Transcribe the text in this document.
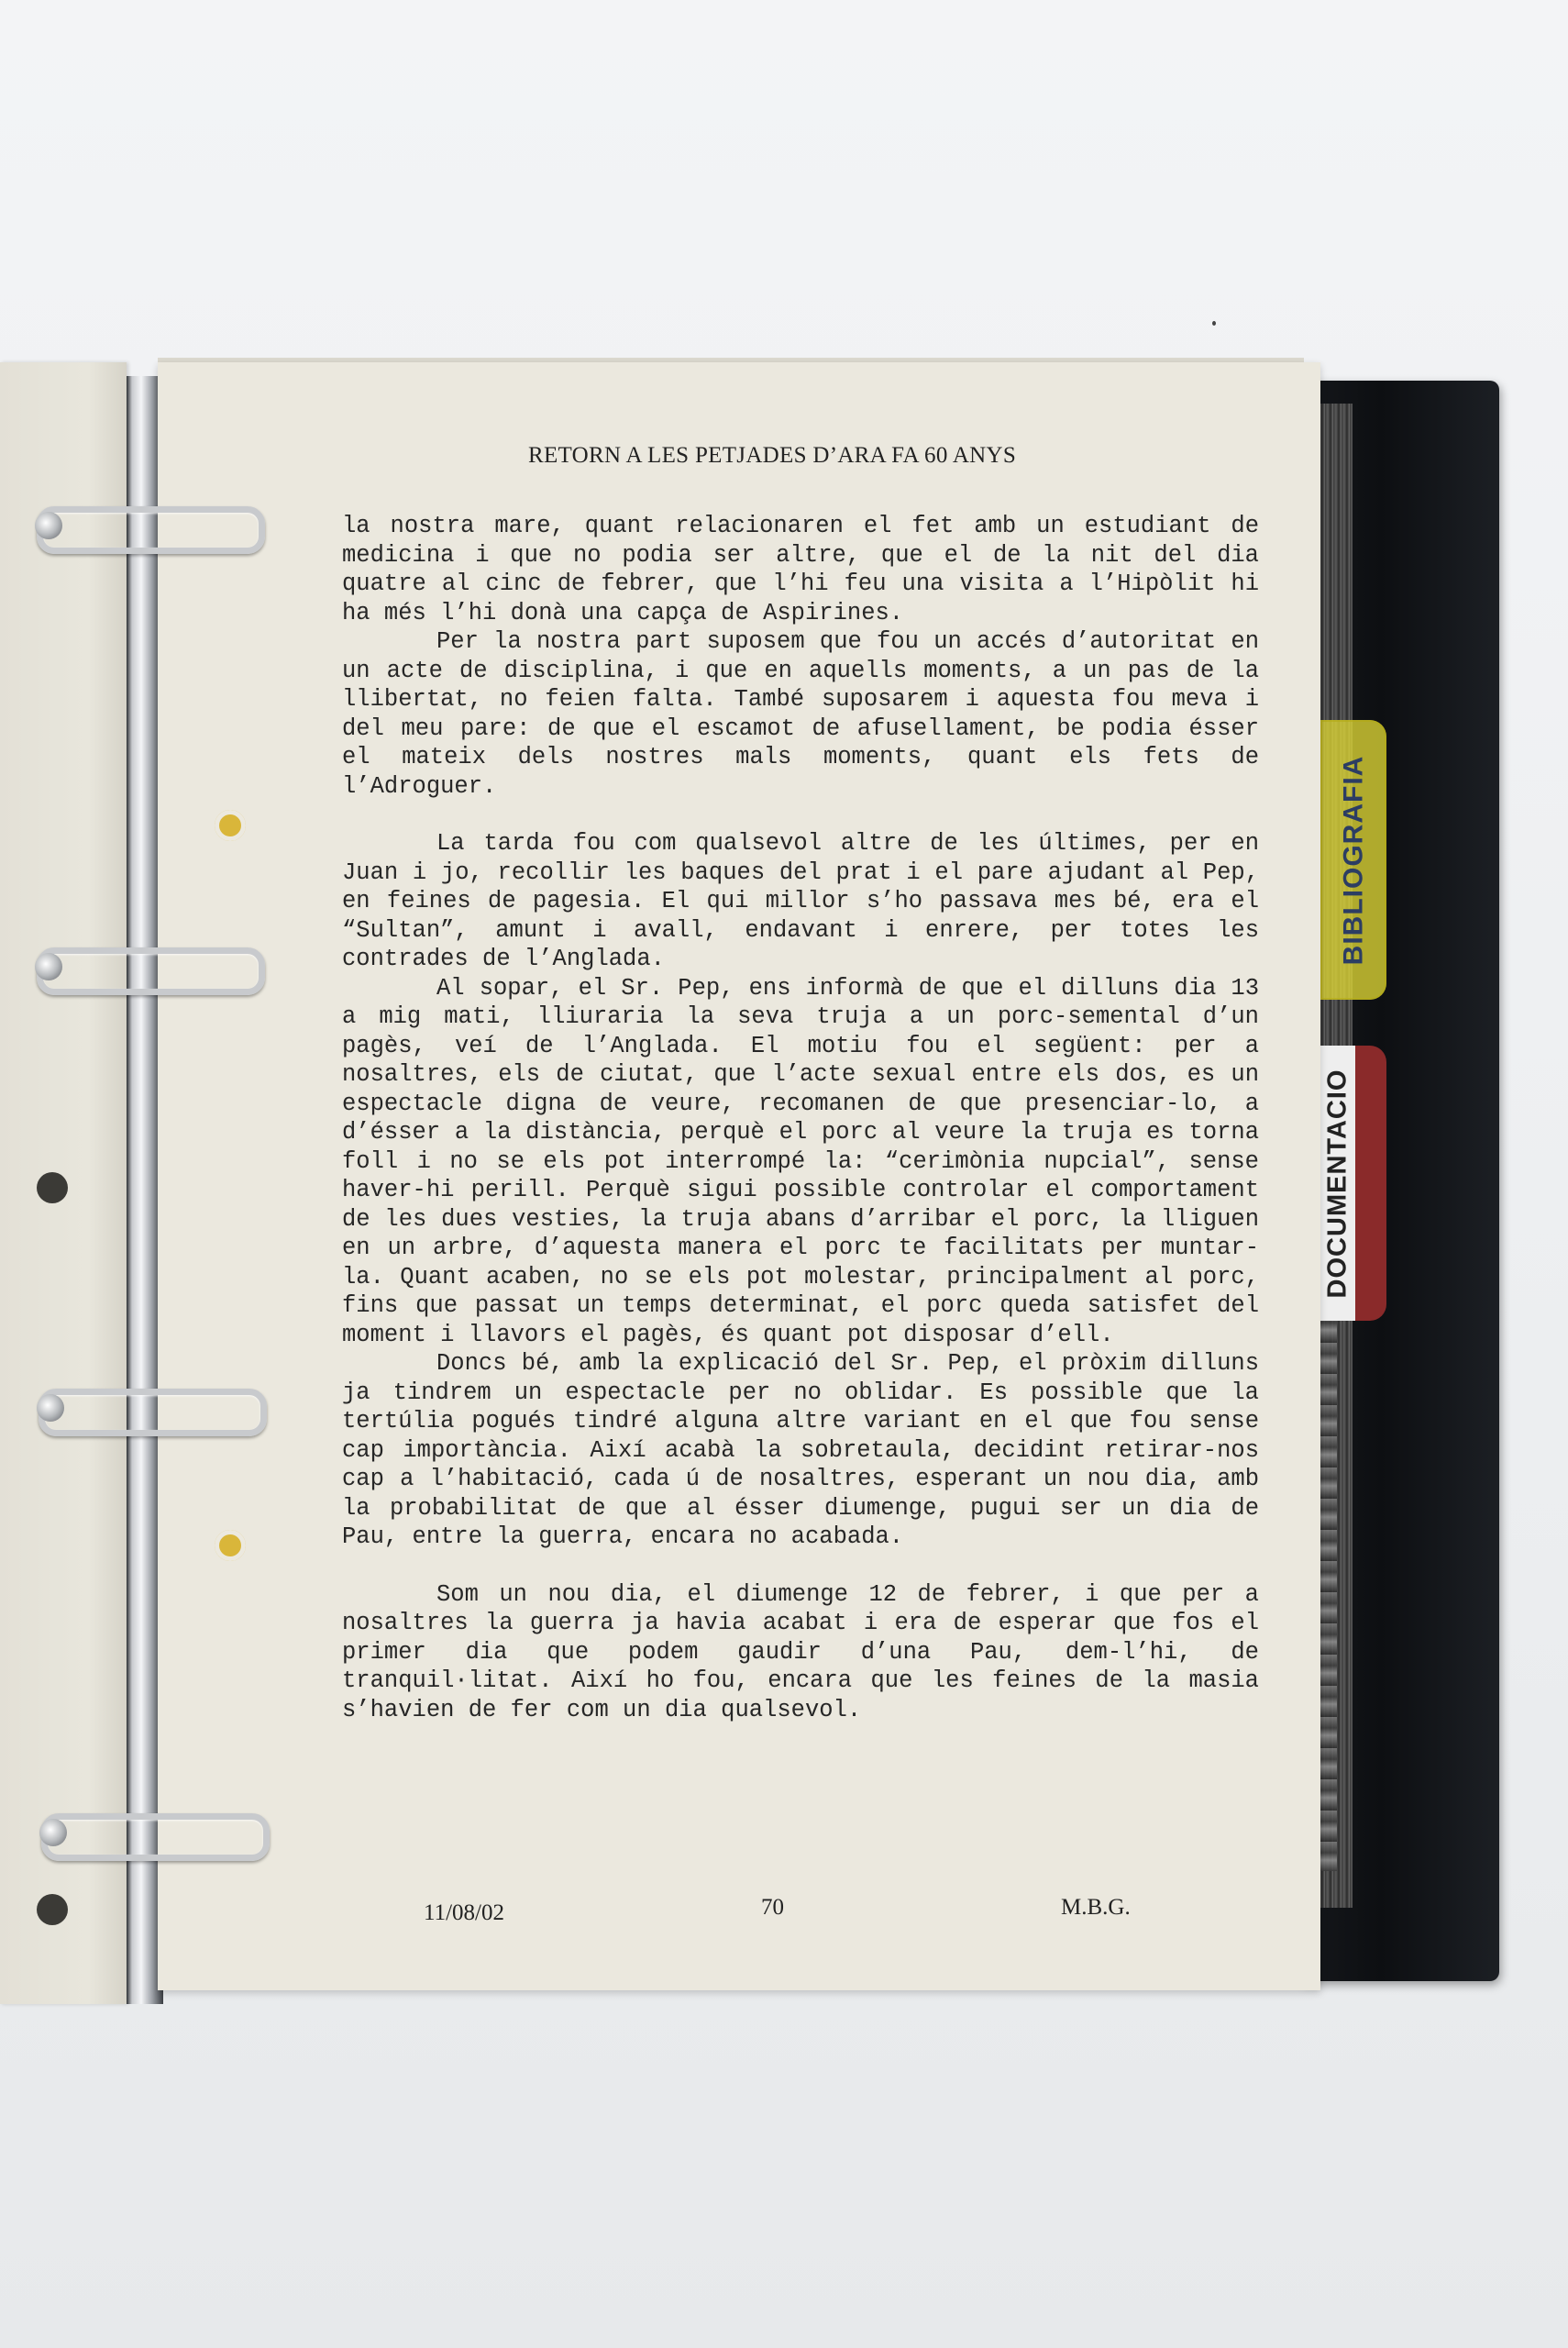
BIBLIOGRAFIA
DOCUMENTACIO
RETORN A LES PETJADES D’ARA FA 60 ANYS

la nostra mare, quant relacionaren el fet amb un estudiant de medicina i que no podia ser altre, que el de la nit del dia quatre al cinc de febrer, que l’hi feu una visita a l’Hipòlit hi ha més l’hi donà una capça de Aspirines.

Per la nostra part suposem que fou un accés d’autoritat en un acte de disciplina, i que en aquells moments, a un pas de la llibertat, no feien falta. També suposarem i aquesta fou meva i del meu pare: de que el escamot de afusellament, be podia ésser el mateix dels nostres mals moments, quant els fets de l’Adroguer.

La tarda fou com qualsevol altre de les últimes, per en Juan i jo, recollir les baques del prat i el pare ajudant al Pep, en feines de pagesia. El qui millor s’ho passava mes bé, era el “Sultan”, amunt i avall, endavant i enrere, per totes les contrades de l’Anglada.

Al sopar, el Sr. Pep, ens informà de que el dilluns dia 13 a mig mati, lliuraria la seva truja a un porc-semental d’un pagès, veí de l’Anglada. El motiu fou el següent: per a nosaltres, els de ciutat, que l’acte sexual entre els dos, es un espectacle digna de veure, recomanen de que presenciar-lo, a d’ésser a la distància, perquè el porc al veure la truja es torna foll i no se els pot interrompé la: “cerimònia nupcial”, sense haver-hi perill. Perquè sigui possible controlar el comportament de les dues vesties, la truja abans d’arribar el porc, la lliguen en un arbre, d’aquesta manera el porc te facilitats per muntar-la. Quant acaben, no se els pot molestar, principalment al porc, fins que passat un temps determinat, el porc queda satisfet del moment i llavors el pagès, és quant pot disposar d’ell.

Doncs bé, amb la explicació del Sr. Pep, el pròxim dilluns ja tindrem un espectacle per no oblidar. Es possible que la tertúlia pogués tindré alguna altre variant en el que fou sense cap importància. Així acabà la sobretaula, decidint retirar-nos cap a l’habitació, cada ú de nosaltres, esperant un nou dia, amb la probabilitat de que al ésser diumenge, pugui ser un dia de Pau, entre la guerra, encara no acabada.

Som un nou dia, el diumenge 12 de febrer, i que per a nosaltres la guerra ja havia acabat i era de esperar que fos el primer dia que podem gaudir d’una Pau, dem-l’hi, de tranquil·litat. Així ho fou, encara que les feines de la masia s’havien de fer com un dia qualsevol.

11/08/02	70	M.B.G.
